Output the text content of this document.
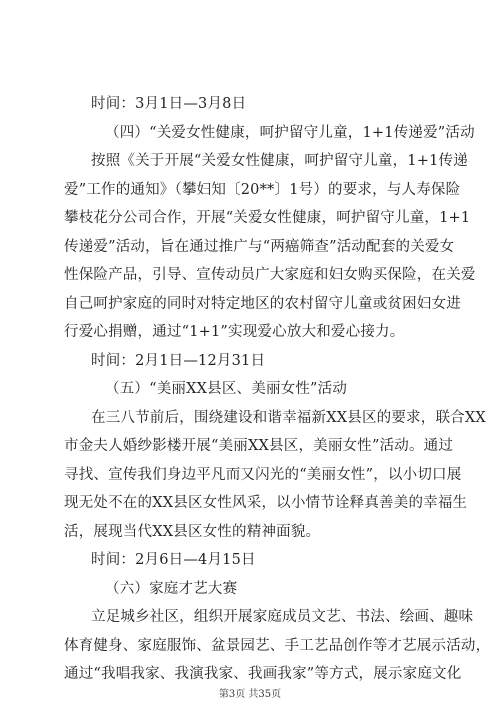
时间：3月1日—3月8日
（四）“关爱女性健康，呵护留守儿童，1+1传递爱”活动
按照《关于开展“关爱女性健康，呵护留守儿童，1+1传递
爱”工作的通知》（攀妇知〔20**〕1号）的要求，与人寿保险
攀枝花分公司合作，开展“关爱女性健康，呵护留守儿童，1+1
传递爱”活动，旨在通过推广与“两癌筛查”活动配套的关爱女
性保险产品，引导、宣传动员广大家庭和妇女购买保险，在关爱
自己呵护家庭的同时对特定地区的农村留守儿童或贫困妇女进
行爱心捐赠，通过“1+1”实现爱心放大和爱心接力。
时间：2月1日—12月31日
（五）“美丽XX县区、美丽女性”活动
在三八节前后，围绕建设和谐幸福新XX县区的要求，联合XX
市金夫人婚纱影楼开展“美丽XX县区，美丽女性”活动。通过
寻找、宣传我们身边平凡而又闪光的“美丽女性”，以小切口展
现无处不在的XX县区女性风采，以小情节诠释真善美的幸福生
活，展现当代XX县区女性的精神面貌。
时间：2月6日—4月15日
（六）家庭才艺大赛
立足城乡社区，组织开展家庭成员文艺、书法、绘画、趣味
体育健身、家庭服饰、盆景园艺、手工艺品创作等才艺展示活动，
通过“我唱我家、我演我家、我画我家”等方式，展示家庭文化
第3页 共35页
